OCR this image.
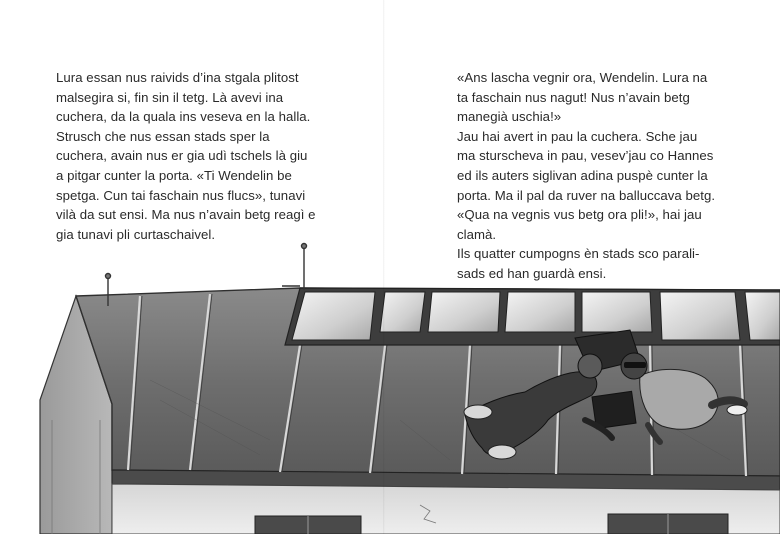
Lura essan nus raivids d’ina stgala plitost
malsegira si, fin sin il tetg. Là avevi ina
cuchera, da la quala ins veseva en la halla.
Strusch che nus essan stads sper la
cuchera, avain nus er gia udì tschels là giu
a pitgar cunter la porta. «Ti Wendelin be
spetga. Cun tai faschain nus flucs», tunavi
vilà da sut ensi. Ma nus n’avain betg reagì e
gia tunavi pli curtaschaivel.
«Ans lascha vegnir ora, Wendelin. Lura na
ta faschain nus nagut! Nus n’avain betg
manegià uschia!»
Jau hai avert in pau la cuchera. Sche jau
ma sturscheva in pau, vesev’jau co Hannes
ed ils auters siglivan adina puspè cunter la
porta. Ma il pal da ruver na balluccava betg.
«Qua na vegnis vus betg ora pli!», hai jau
clamà.
Ils quatter cumpogns èn stads sco parali-
sads ed han guardà ensi.
